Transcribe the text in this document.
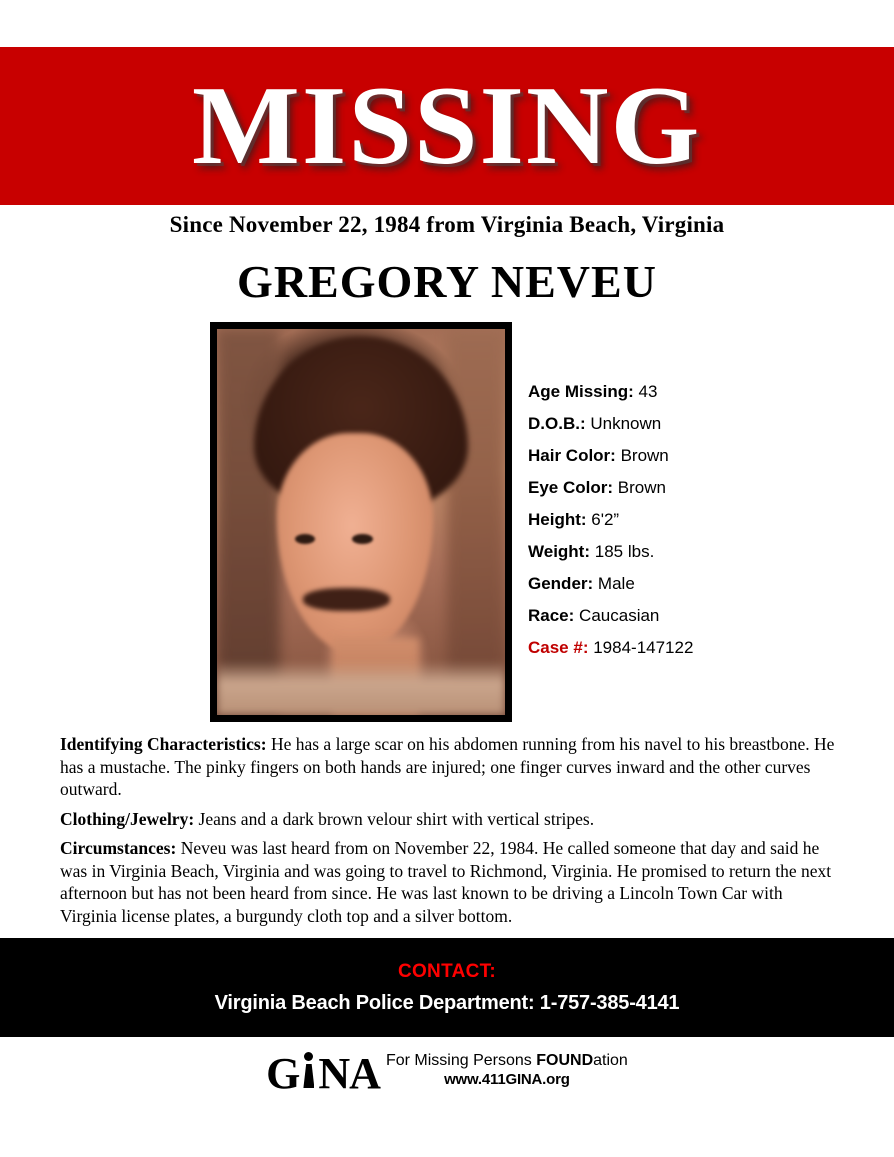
MISSING
Since November 22, 1984 from Virginia Beach, Virginia
GREGORY NEVEU
Age Missing: 43
D.O.B.: Unknown
Hair Color: Brown
Eye Color: Brown
Height: 6'2”
Weight: 185 lbs.
Gender: Male
Race: Caucasian
Case #: 1984-147122
Identifying Characteristics: He has a large scar on his abdomen running from his navel to his breastbone. He has a mustache. The pinky fingers on both hands are injured; one finger curves inward and the other curves outward.
Clothing/Jewelry: Jeans and a dark brown velour shirt with vertical stripes.
Circumstances: Neveu was last heard from on November 22, 1984. He called someone that day and said he was in Virginia Beach, Virginia and was going to travel to Richmond, Virginia. He promised to return the next afternoon but has not been heard from since. He was last known to be driving a Lincoln Town Car with Virginia license plates, a burgundy cloth top and a silver bottom.
CONTACT:
Virginia Beach Police Department: 1-757-385-4141
G NA For Missing Persons FOUNDation
www.411GINA.org
